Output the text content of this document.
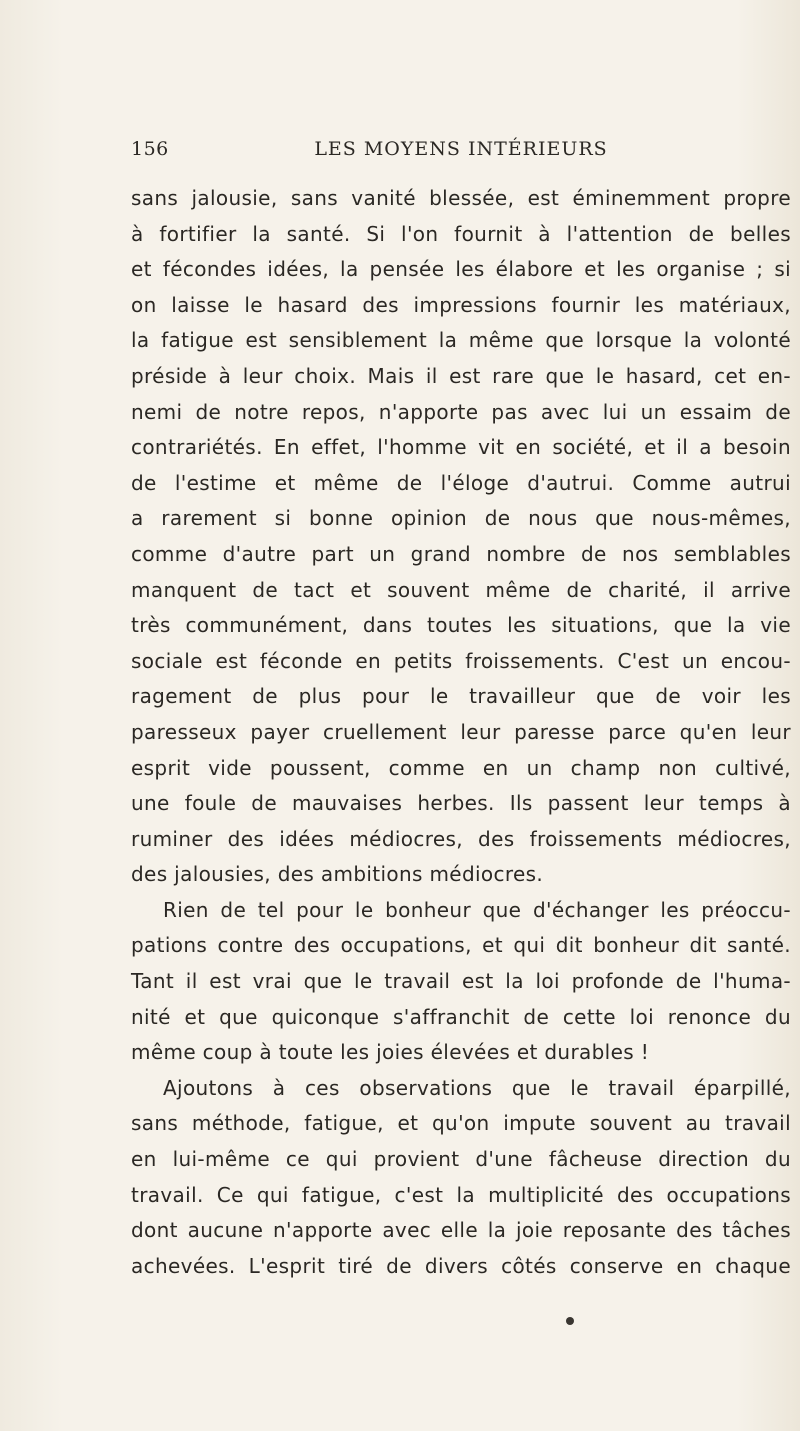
156	LES MOYENS INTÉRIEURS
sans jalousie, sans vanité blessée, est éminemment propre
à fortifier la santé. Si l'on fournit à l'attention de belles
et fécondes idées, la pensée les élabore et les organise ; si
on laisse le hasard des impressions fournir les matériaux,
la fatigue est sensiblement la même que lorsque la volonté
préside à leur choix. Mais il est rare que le hasard, cet en-
nemi de notre repos, n'apporte pas avec lui un essaim de
contrariétés. En effet, l'homme vit en société, et il a besoin
de l'estime et même de l'éloge d'autrui. Comme autrui
a rarement si bonne opinion de nous que nous-mêmes,
comme d'autre part un grand nombre de nos semblables
manquent de tact et souvent même de charité, il arrive
très communément, dans toutes les situations, que la vie
sociale est féconde en petits froissements. C'est un encou-
ragement de plus pour le travailleur que de voir les
paresseux payer cruellement leur paresse parce qu'en leur
esprit vide poussent, comme en un champ non cultivé,
une foule de mauvaises herbes. Ils passent leur temps à
ruminer des idées médiocres, des froissements médiocres,
des jalousies, des ambitions médiocres.
Rien de tel pour le bonheur que d'échanger les préoccu-
pations contre des occupations, et qui dit bonheur dit santé.
Tant il est vrai que le travail est la loi profonde de l'huma-
nité et que quiconque s'affranchit de cette loi renonce du
même coup à toute les joies élevées et durables !
Ajoutons à ces observations que le travail éparpillé,
sans méthode, fatigue, et qu'on impute souvent au travail
en lui-même ce qui provient d'une fâcheuse direction du
travail. Ce qui fatigue, c'est la multiplicité des occupations
dont aucune n'apporte avec elle la joie reposante des tâches
achevées. L'esprit tiré de divers côtés conserve en chaque
